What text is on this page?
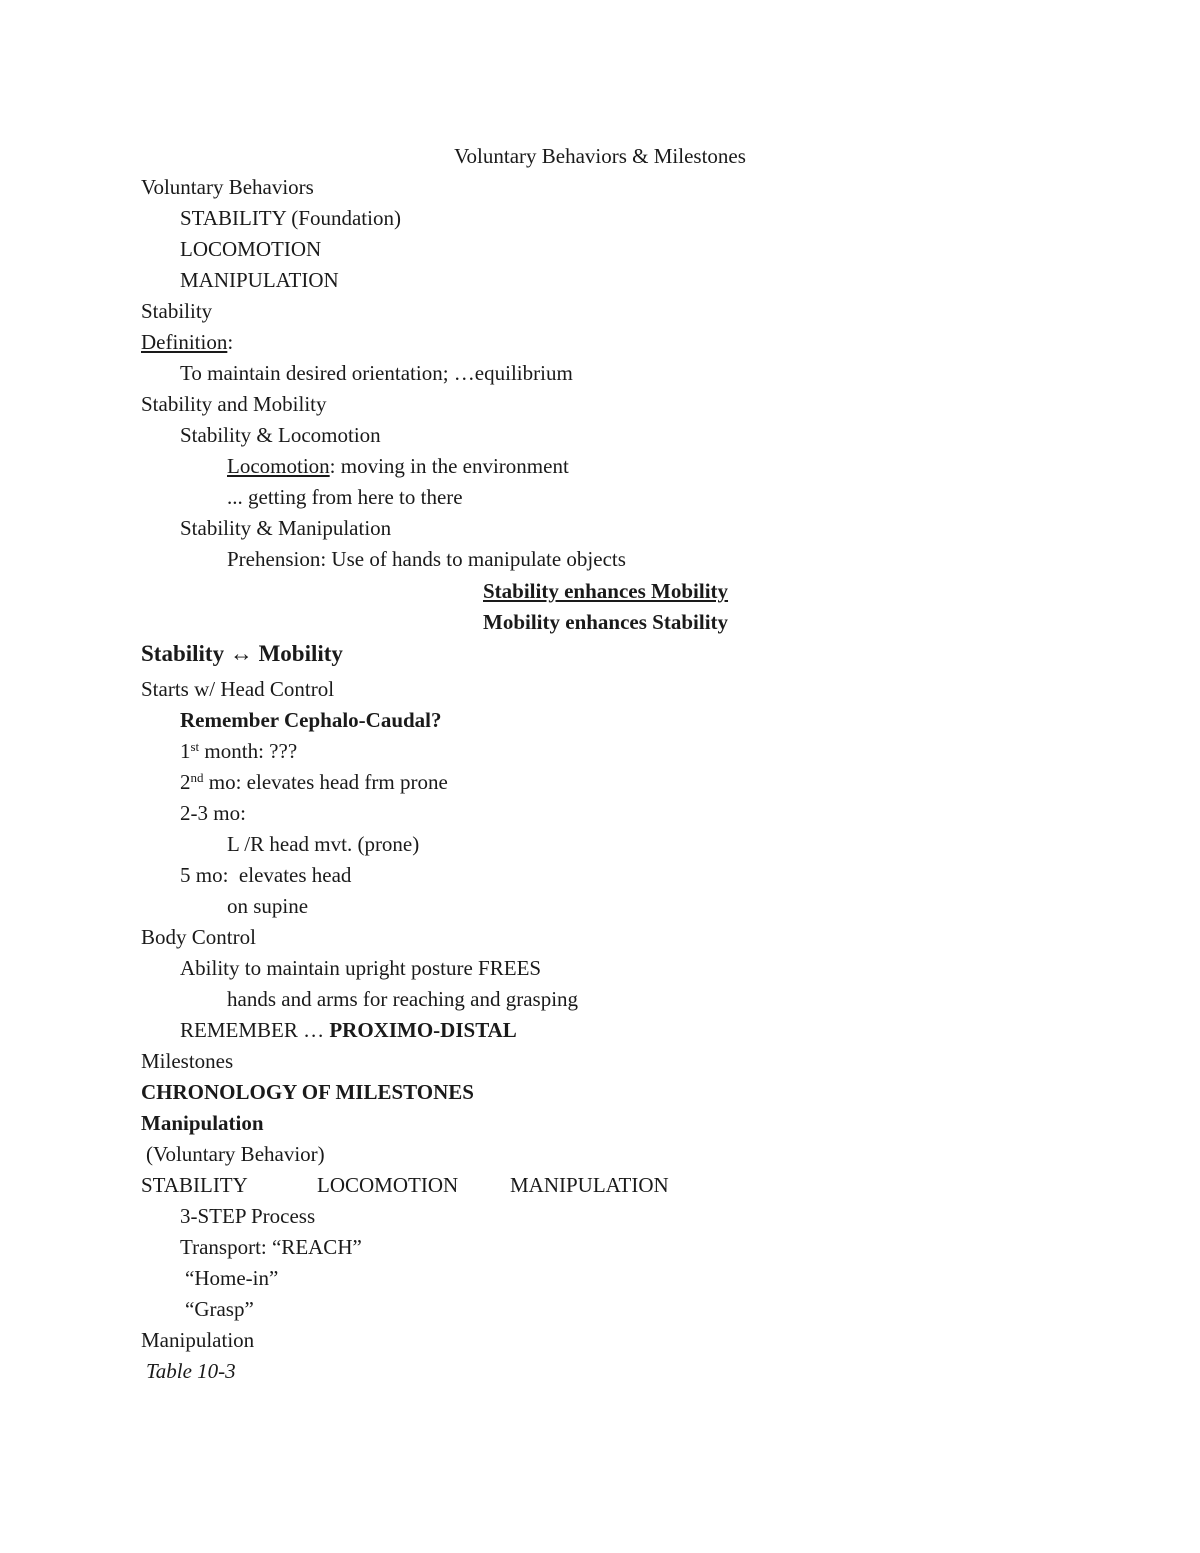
Voluntary Behaviors & Milestones
Voluntary Behaviors
STABILITY (Foundation)
LOCOMOTION
MANIPULATION
Stability
Definition:
To maintain desired orientation; …equilibrium
Stability and Mobility
Stability & Locomotion
Locomotion: moving in the environment
... getting from here to there
Stability & Manipulation
Prehension: Use of hands to manipulate objects
Stability enhances Mobility
Mobility enhances Stability
Stability ↔ Mobility
Starts w/ Head Control
Remember Cephalo-Caudal?
1st month: ???
2nd mo: elevates head frm prone
2-3 mo:
L /R head mvt. (prone)
5 mo:  elevates head
on supine
Body Control
Ability to maintain upright posture FREES
hands and arms for reaching and grasping
REMEMBER … PROXIMO-DISTAL
Milestones
CHRONOLOGY OF MILESTONES
Manipulation
(Voluntary Behavior)
STABILITY	LOCOMOTION MANIPULATION
3-STEP Process
Transport: “REACH”
“Home-in”
“Grasp”
Manipulation
Table 10-3
